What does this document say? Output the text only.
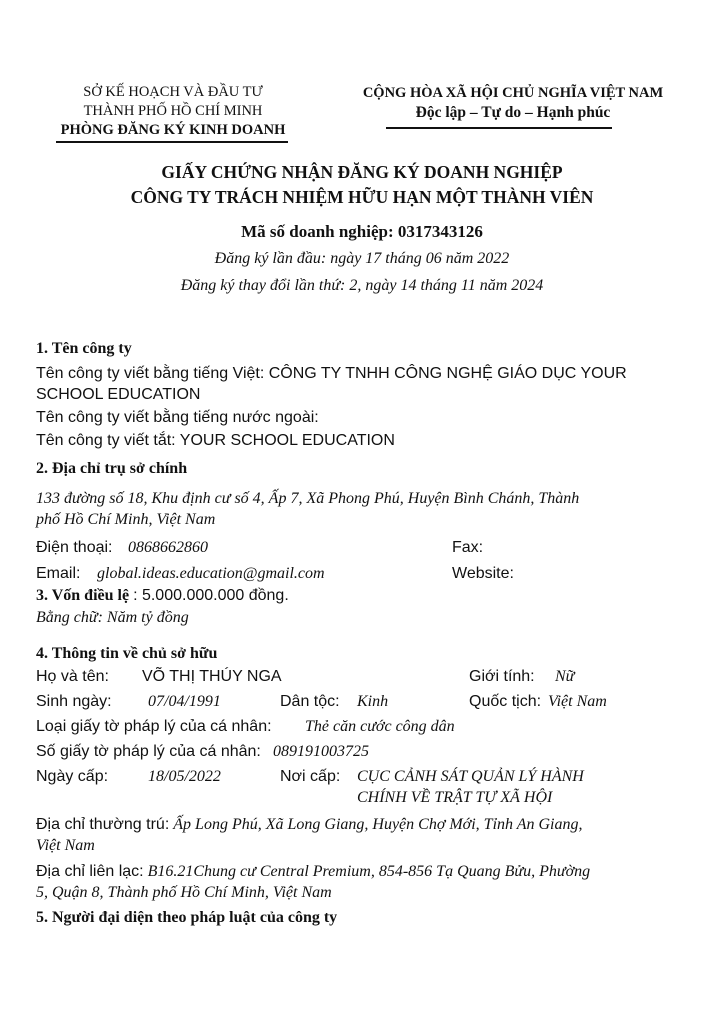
SỞ KẾ HOẠCH VÀ ĐẦU TƯ
THÀNH PHỐ HỒ CHÍ MINH
PHÒNG ĐĂNG KÝ KINH DOANH
CỘNG HÒA XÃ HỘI CHỦ NGHĨA VIỆT NAM
Độc lập – Tự do – Hạnh phúc
GIẤY CHỨNG NHẬN ĐĂNG KÝ DOANH NGHIỆP
CÔNG TY TRÁCH NHIỆM HỮU HẠN MỘT THÀNH VIÊN
Mã số doanh nghiệp: 0317343126
Đăng ký lần đầu: ngày 17 tháng 06 năm 2022
Đăng ký thay đổi lần thứ: 2, ngày 14 tháng 11 năm 2024
1. Tên công ty
Tên công ty viết bằng tiếng Việt: CÔNG TY TNHH CÔNG NGHỆ GIÁO DỤC YOUR
SCHOOL EDUCATION
Tên công ty viết bằng tiếng nước ngoài:
Tên công ty viết tắt: YOUR SCHOOL EDUCATION
2. Địa chỉ trụ sở chính
133 đường số 18, Khu định cư số 4, Ấp 7, Xã Phong Phú, Huyện Bình Chánh, Thành
phố Hồ Chí Minh, Việt Nam
Điện thoại: 0868662860	Fax:
Email: global.ideas.education@gmail.com	Website:
3. Vốn điều lệ : 5.000.000.000 đồng.
Bằng chữ: Năm tỷ đồng
4. Thông tin về chủ sở hữu
Họ và tên: VÕ THỊ THÚY NGA	Giới tính: Nữ
Sinh ngày: 07/04/1991	Dân tộc: Kinh	Quốc tịch: Việt Nam
Loại giấy tờ pháp lý của cá nhân: Thẻ căn cước công dân
Số giấy tờ pháp lý của cá nhân: 089191003725
Ngày cấp: 18/05/2022	Nơi cấp: CỤC CẢNH SÁT QUẢN LÝ HÀNH
CHÍNH VỀ TRẬT TỰ XÃ HỘI
Địa chỉ thường trú: Ấp Long Phú, Xã Long Giang, Huyện Chợ Mới, Tỉnh An Giang,
Việt Nam
Địa chỉ liên lạc: B16.21Chung cư Central Premium, 854-856 Tạ Quang Bửu, Phường
5, Quận 8, Thành phố Hồ Chí Minh, Việt Nam
5. Người đại diện theo pháp luật của công ty
